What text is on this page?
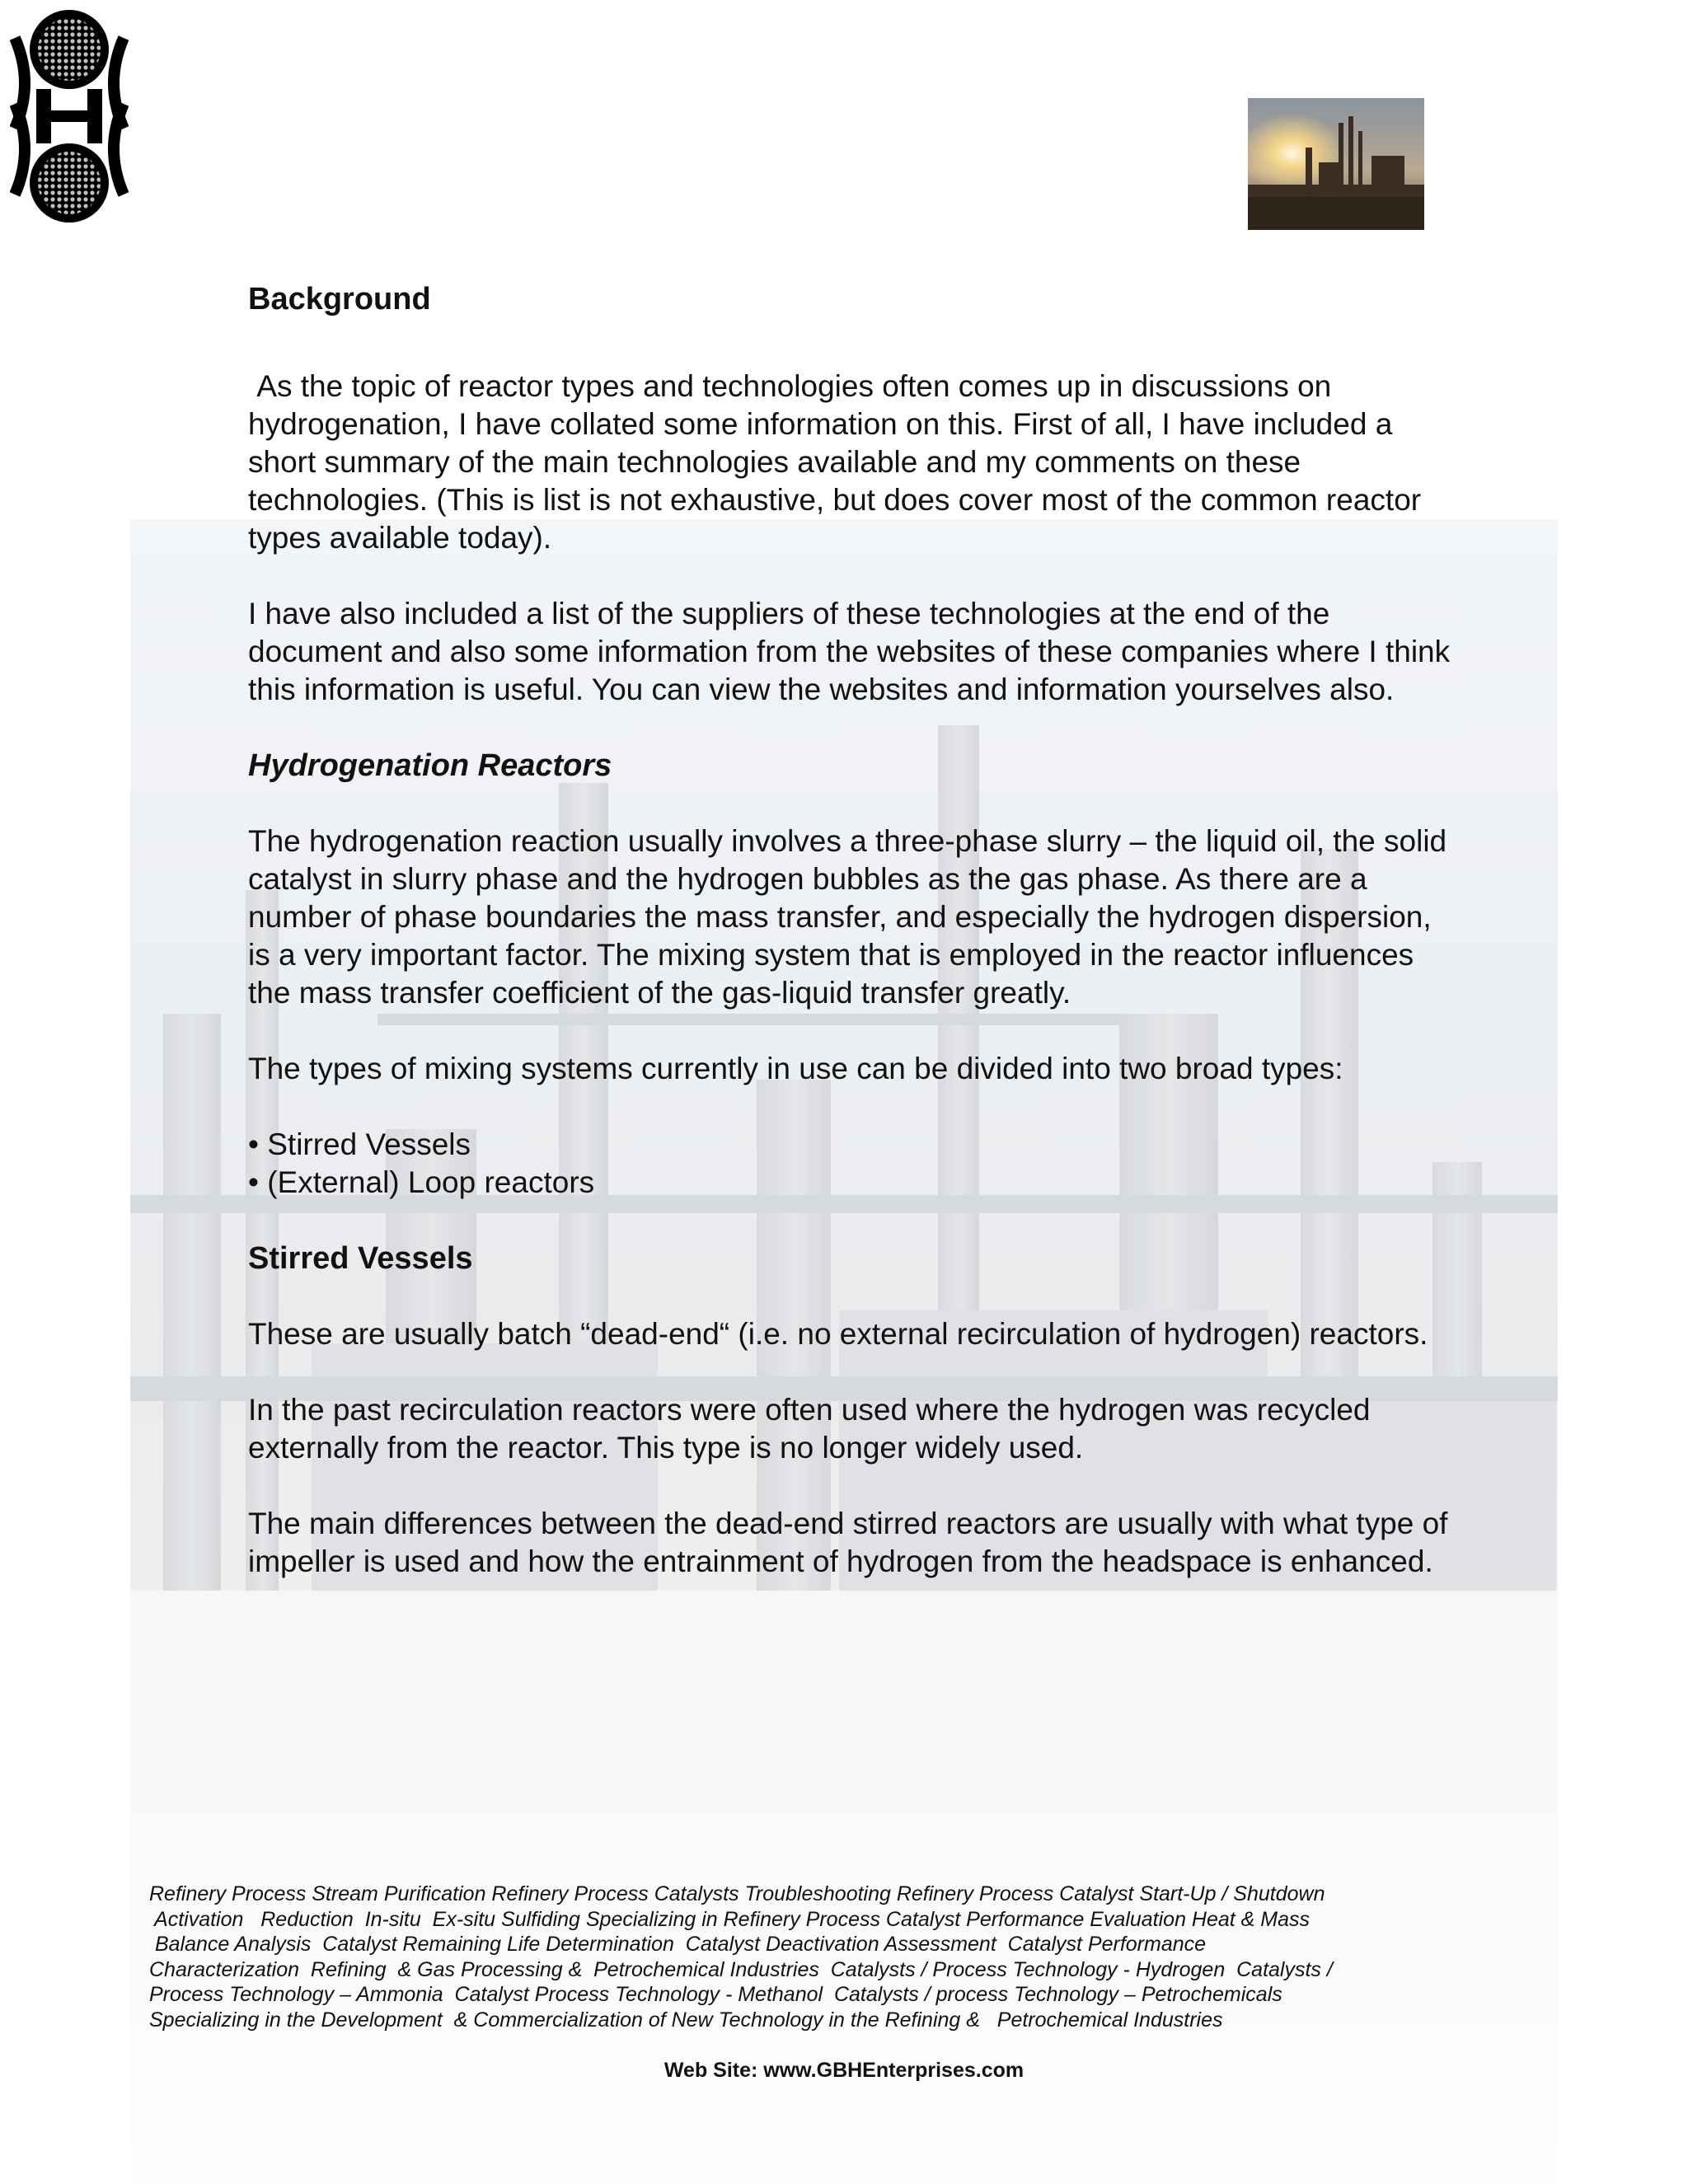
Background

As the topic of reactor types and technologies often comes up in discussions on hydrogenation, I have collated some information on this. First of all, I have included a short summary of the main technologies available and my comments on these technologies. (This is list is not exhaustive, but does cover most of the common reactor types available today).

I have also included a list of the suppliers of these technologies at the end of the document and also some information from the websites of these companies where I think this information is useful. You can view the websites and information yourselves also.

Hydrogenation Reactors

The hydrogenation reaction usually involves a three-phase slurry – the liquid oil, the solid catalyst in slurry phase and the hydrogen bubbles as the gas phase. As there are a number of phase boundaries the mass transfer, and especially the hydrogen dispersion, is a very important factor. The mixing system that is employed in the reactor influences the mass transfer coefficient of the gas-liquid transfer greatly.

The types of mixing systems currently in use can be divided into two broad types:

• Stirred Vessels

• (External) Loop reactors

Stirred Vessels

These are usually batch “dead-end“ (i.e. no external recirculation of hydrogen) reactors.

In the past recirculation reactors were often used where the hydrogen was recycled externally from the reactor. This type is no longer widely used.

The main differences between the dead-end stirred reactors are usually with what type of impeller is used and how the entrainment of hydrogen from the headspace is enhanced.

Refinery Process Stream Purification Refinery Process Catalysts Troubleshooting Refinery Process Catalyst Start-Up / Shutdown
Activation   Reduction  In-situ  Ex-situ Sulfiding Specializing in Refinery Process Catalyst Performance Evaluation Heat & Mass
Balance Analysis  Catalyst Remaining Life Determination  Catalyst Deactivation Assessment  Catalyst Performance
Characterization  Refining  & Gas Processing &  Petrochemical Industries  Catalysts / Process Technology - Hydrogen  Catalysts /
Process Technology – Ammonia  Catalyst Process Technology - Methanol  Catalysts / process Technology – Petrochemicals
Specializing in the Development  & Commercialization of New Technology in the Refining &   Petrochemical Industries

Web Site: www.GBHEnterprises.com
